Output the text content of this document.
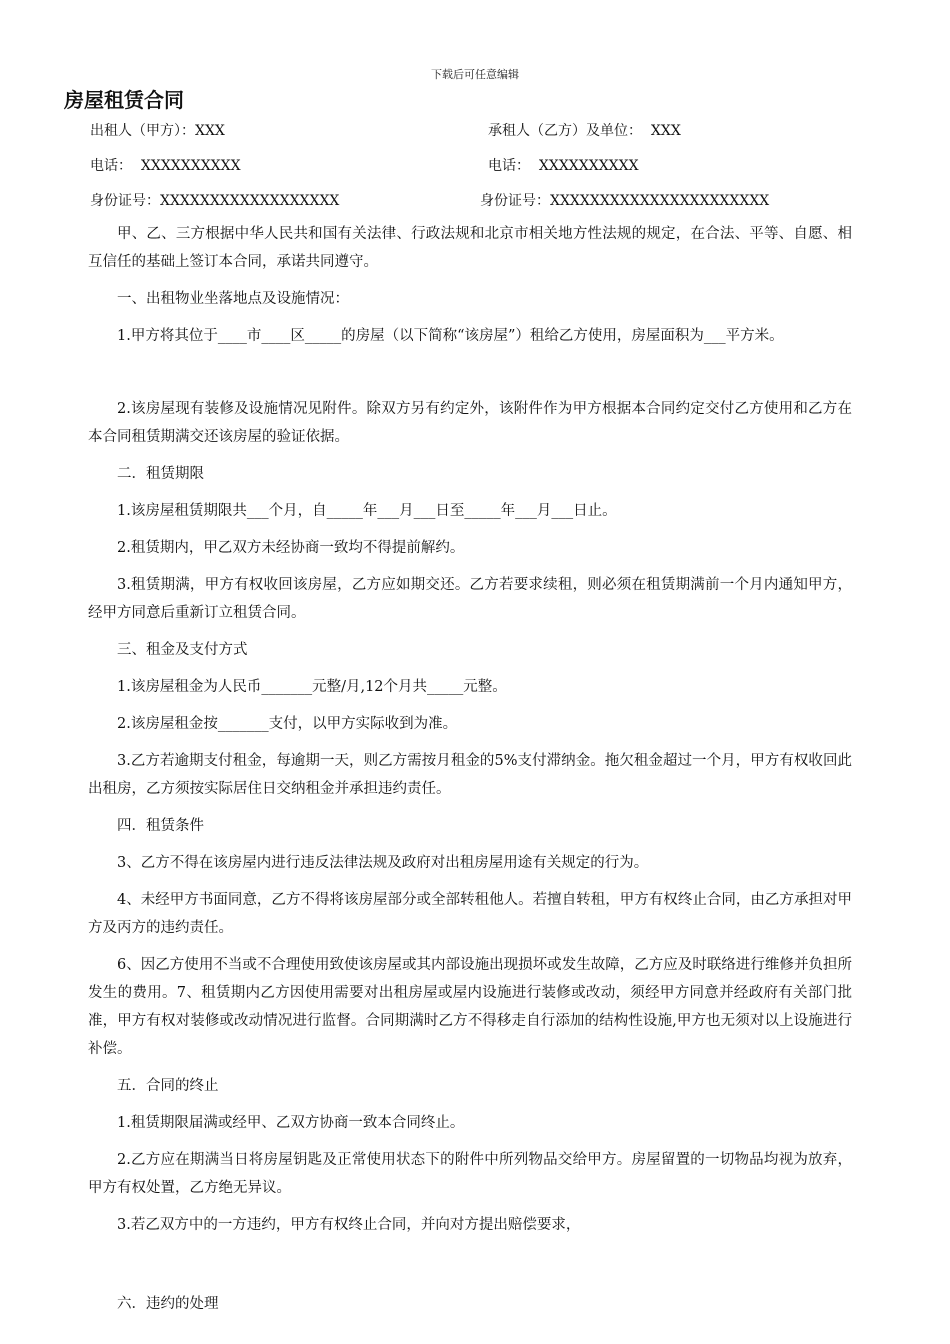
下载后可任意编辑
房屋租赁合同
出租人（甲方）：XXX	承租人（乙方）及单位：  XXX
电话：  XXXXXXXXXX	电话：  XXXXXXXXXX
身份证号：XXXXXXXXXXXXXXXXXX	身份证号：XXXXXXXXXXXXXXXXXXXXXX

甲、乙、三方根据中华人民共和国有关法律、行政法规和北京市相关地方性法规的规定，在合法、平等、自愿、相互信任的基础上签订本合同，承诺共同遵守。

一、出租物业坐落地点及设施情况：

1.甲方将其位于____市____区_____的房屋（以下简称“该房屋”）租给乙方使用，房屋面积为___平方米。

2.该房屋现有装修及设施情况见附件。除双方另有约定外，该附件作为甲方根据本合同约定交付乙方使用和乙方在本合同租赁期满交还该房屋的验证依据。

二．租赁期限

1.该房屋租赁期限共___个月，自_____年___月___日至_____年___月___日止。

2.租赁期内，甲乙双方未经协商一致均不得提前解约。

3.租赁期满，甲方有权收回该房屋，乙方应如期交还。乙方若要求续租，则必须在租赁期满前一个月内通知甲方，经甲方同意后重新订立租赁合同。

三、租金及支付方式

1.该房屋租金为人民币_______元整/月,12个月共_____元整。

2.该房屋租金按_______支付，以甲方实际收到为准。

3.乙方若逾期支付租金，每逾期一天，则乙方需按月租金的5%支付滞纳金。拖欠租金超过一个月，甲方有权收回此出租房，乙方须按实际居住日交纳租金并承担违约责任。

四．租赁条件

3、乙方不得在该房屋内进行违反法律法规及政府对出租房屋用途有关规定的行为。

4、未经甲方书面同意，乙方不得将该房屋部分或全部转租他人。若擅自转租，甲方有权终止合同，由乙方承担对甲方及丙方的违约责任。

6、因乙方使用不当或不合理使用致使该房屋或其内部设施出现损坏或发生故障，乙方应及时联络进行维修并负担所发生的费用。7、租赁期内乙方因使用需要对出租房屋或屋内设施进行装修或改动，须经甲方同意并经政府有关部门批准，甲方有权对装修或改动情况进行监督。合同期满时乙方不得移走自行添加的结构性设施,甲方也无须对以上设施进行补偿。

五．合同的终止

1.租赁期限届满或经甲、乙双方协商一致本合同终止。

2.乙方应在期满当日将房屋钥匙及正常使用状态下的附件中所列物品交给甲方。房屋留置的一切物品均视为放弃，甲方有权处置，乙方绝无异议。

3.若乙双方中的一方违约，甲方有权终止合同，并向对方提出赔偿要求，

六．违约的处理
